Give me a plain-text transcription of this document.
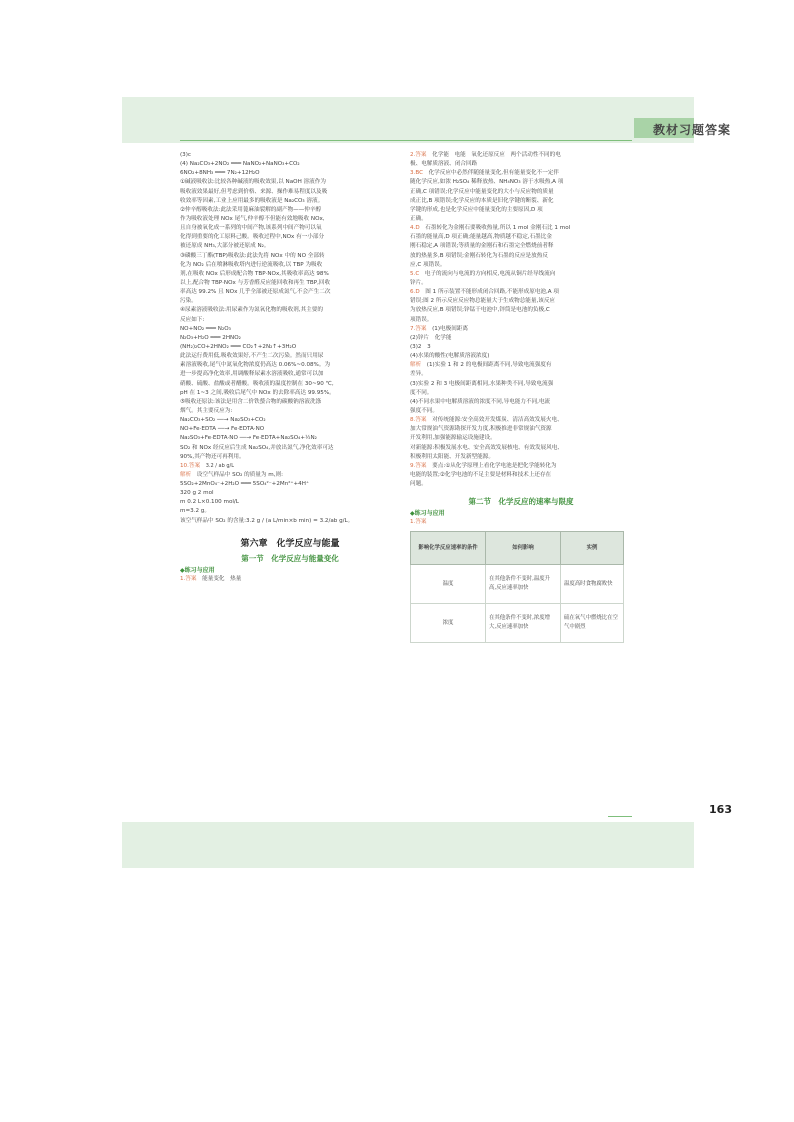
教材习题答案
(3)c
(4) Na₂CO₃+2NO₂ ═══ NaNO₂+NaNO₃+CO₂
6NO₂+8NH₃ ═══ 7N₂+12H₂O
①碱液吸收法:比较各种碱液的吸收效果,以 NaOH 溶液作为
吸收液效果最好,但考虑到价格、来源、操作难易程度以及吸
收效率等因素,工业上应用最多的吸收液是 Na₂CO₃ 溶液。
②仲辛醇吸收法:此法采用蓖麻油裂解的副产物——仲辛醇
作为吸收液处理 NOx 尾气,仲辛醇不但能有效地吸收 NOx,
且自身被氧化成一系列的中间产物,该系列中间产物可以氧
化得到重要的化工原料己酸。吸收过程中,NOx 有一小部分
被还原成 NH₃,大部分被还原成 N₂。
③磷酸三丁酯(TBP)吸收法:此法先将 NOx 中的 NO 全部转
化为 NO₂ 后在喷淋吸收塔内进行逆流吸收,以 TBP 为吸收
剂,在吸收 NOx 后形成配合物 TBP·NOx,其吸收率高达 98%
以上,配合物 TBP·NOx 与芳香醛反应能回收和再生 TBP,回收
率高达 99.2% 且 NOx 几乎全部被还原成氮气,不会产生二次
污染。
④尿素溶液吸收法:用尿素作为氮氧化物的吸收剂,其主要的
反应如下:
NO+NO₂ ═══ N₂O₃
N₂O₃+H₂O ═══ 2HNO₂
(NH₂)₂CO+2HNO₂ ═══ CO₂↑+2N₂↑+3H₂O
此法运行费用低,吸收效果好,不产生二次污染。然而只用尿
素溶液吸收,尾气中氮氧化物浓度仍高达 0.06%~0.08%。为
进一步提高净化效率,用调酸释尿素水溶液吸收,通常可以加
硝酸、硫酸、盐酸或者醋酸。吸收液的温度控制在 30~90 ℃,
pH 在 1~3 之间,吸收后尾气中 NOx 的去除率高达 99.95%。
⑤吸收还原法:该法是用含二价铁螯合物的碳酸钠溶液洗涤
烟气。其主要反应为:
Na₂CO₃+SO₂ ──→ Na₂SO₃+CO₂
NO+Fe·EDTA ──→ Fe·EDTA·NO
Na₂SO₃+Fe·EDTA·NO ──→ Fe·EDTA+Na₂SO₄+½N₂
SO₂ 和 NOx 经反应后生成 Na₂SO₄,并放出氮气,净化效率可达
90%,其产物还可再利用。
10.答案　 3.2 / ab g/L
解析　设空气样品中 SO₂ 的质量为 m,则:
5SO₂+2MnO₄⁻+2H₂O ═══ 5SO₄²⁻+2Mn²⁺+4H⁺
320 g 2 mol
m 0.2 L×0.100 mol/L
m=3.2 g。
该空气样品中 SO₂ 的含量:3.2 g / (a L/min×b min) = 3.2/ab g/L。
第六章　化学反应与能量
第一节　化学反应与能量变化
◆练习与应用
1.答案　 能量变化　热量
2.答案　化学能　电能　氧化还原反应　两个活动性不同的电
极、电解质溶液、闭合回路
3.BC　化学反应中必然伴随能量变化,但有能量变化不一定伴
随化学反应,如浓 H₂SO₄ 稀释放热、NH₄NO₃ 溶于水吸热,A 项
正确,C 项错误;化学反应中能量变化的大小与反应物的质量
成正比,B 项错误;化学反应的本质是旧化学键的断裂、新化
学键的形成,也是化学反应中能量变化的主要原因,D 项
正确。
4.D　石墨转化为金刚石要吸收热量,所以 1 mol 金刚石比 1 mol
石墨的能量高,D 项正确;能量越高,物质越不稳定,石墨比金
刚石稳定,A 项错误;等质量的金刚石和石墨完全燃烧前者释
放的热量多,B 项错误;金刚石转化为石墨的反应是放热反
应,C 项错误。
5.C　电子的流向与电流的方向相反,电流从铜片经导线流向
锌片。
6.D　图 1 所示装置不能形成闭合回路,不能形成原电池,A 项
错误;图 2 所示反应反应物总能量大于生成物总能量,该反应
为放热反应,B 项错误;锌锰干电池中,锌筒是电池的负极,C
项错误。
7.答案　(1)电极间距离
(2)锌片　化学能
(3)2　3
(4)水果的酸性(电解质溶液浓度)
解析　(1)实验 1 和 2 的电极间距离不同,导致电流强度有
差异。
(3)实验 2 和 3 电极间距离相同,水果种类不同,导致电流强
度不同。
(4)不同水果中电解质溶液的浓度不同,导电能力不同,电流
强度不同。
8.答案　对传统能源:安全高效开发煤炭、清洁高效发展火电、
加大常规油气资源勘探开发力度,积极推进非常规油气资源
开发利用,加强能源输运设施建设。
对新能源:积极发展水电、安全高效发展核电、有效发展风电、
积极利用太阳能、开发新型能源。
9.答案　要点:①从化学原理上看化学电池是把化学能转化为
电能的装置;②化学电池的不足主要是材料和技术上还存在
问题。
第二节　化学反应的速率与限度
◆练习与应用
1.答案
影响化学反应速率的条件	如何影响	实例
温度	在其他条件不变时,温度升高,反应速率加快	温度高时食物腐败快
浓度	在其他条件不变时,浓度增大,反应速率加快	硫在氧气中燃烧比在空气中剧烈
163
